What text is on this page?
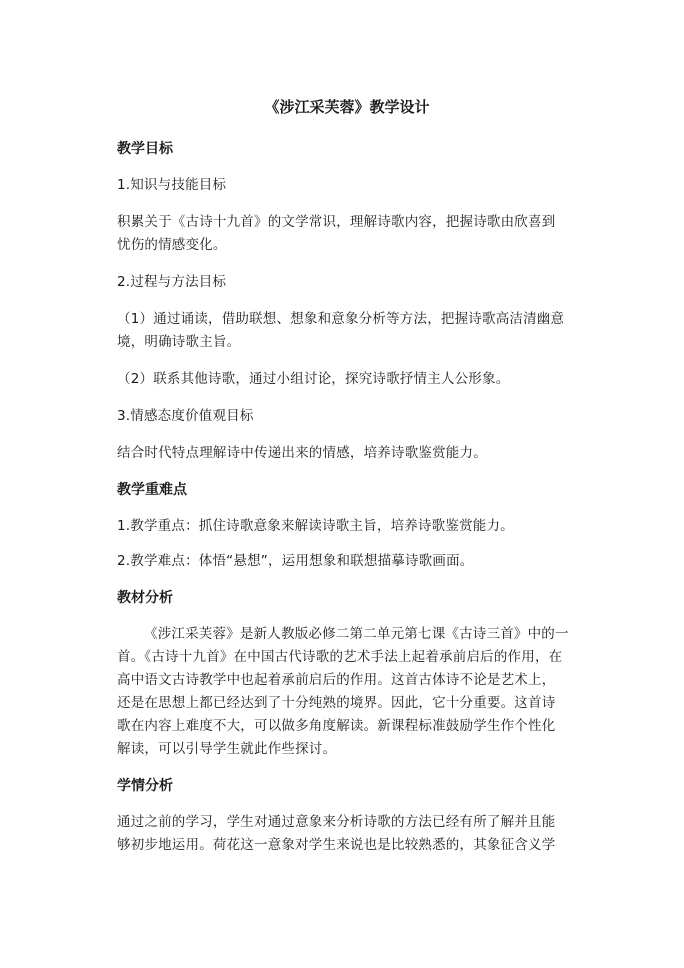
《涉江采芙蓉》教学设计
教学目标
1.知识与技能目标
积累关于《古诗十九首》的文学常识，理解诗歌内容，把握诗歌由欣喜到忧伤的情感变化。
2.过程与方法目标
（1）通过诵读，借助联想、想象和意象分析等方法，把握诗歌高洁清幽意境，明确诗歌主旨。
（2）联系其他诗歌，通过小组讨论，探究诗歌抒情主人公形象。
3.情感态度价值观目标
结合时代特点理解诗中传递出来的情感，培养诗歌鉴赏能力。
教学重难点
1.教学重点：抓住诗歌意象来解读诗歌主旨，培养诗歌鉴赏能力。
2.教学难点：体悟“悬想”，运用想象和联想描摹诗歌画面。
教材分析
《涉江采芙蓉》是新人教版必修二第二单元第七课《古诗三首》中的一首。《古诗十九首》在中国古代诗歌的艺术手法上起着承前启后的作用，在高中语文古诗教学中也起着承前启后的作用。这首古体诗不论是艺术上，还是在思想上都已经达到了十分纯熟的境界。因此，它十分重要。这首诗歌在内容上难度不大，可以做多角度解读。新课程标准鼓励学生作个性化解读，可以引导学生就此作些探讨。
学情分析
通过之前的学习，学生对通过意象来分析诗歌的方法已经有所了解并且能够初步地运用。荷花这一意象对学生来说也是比较熟悉的，其象征含义学
